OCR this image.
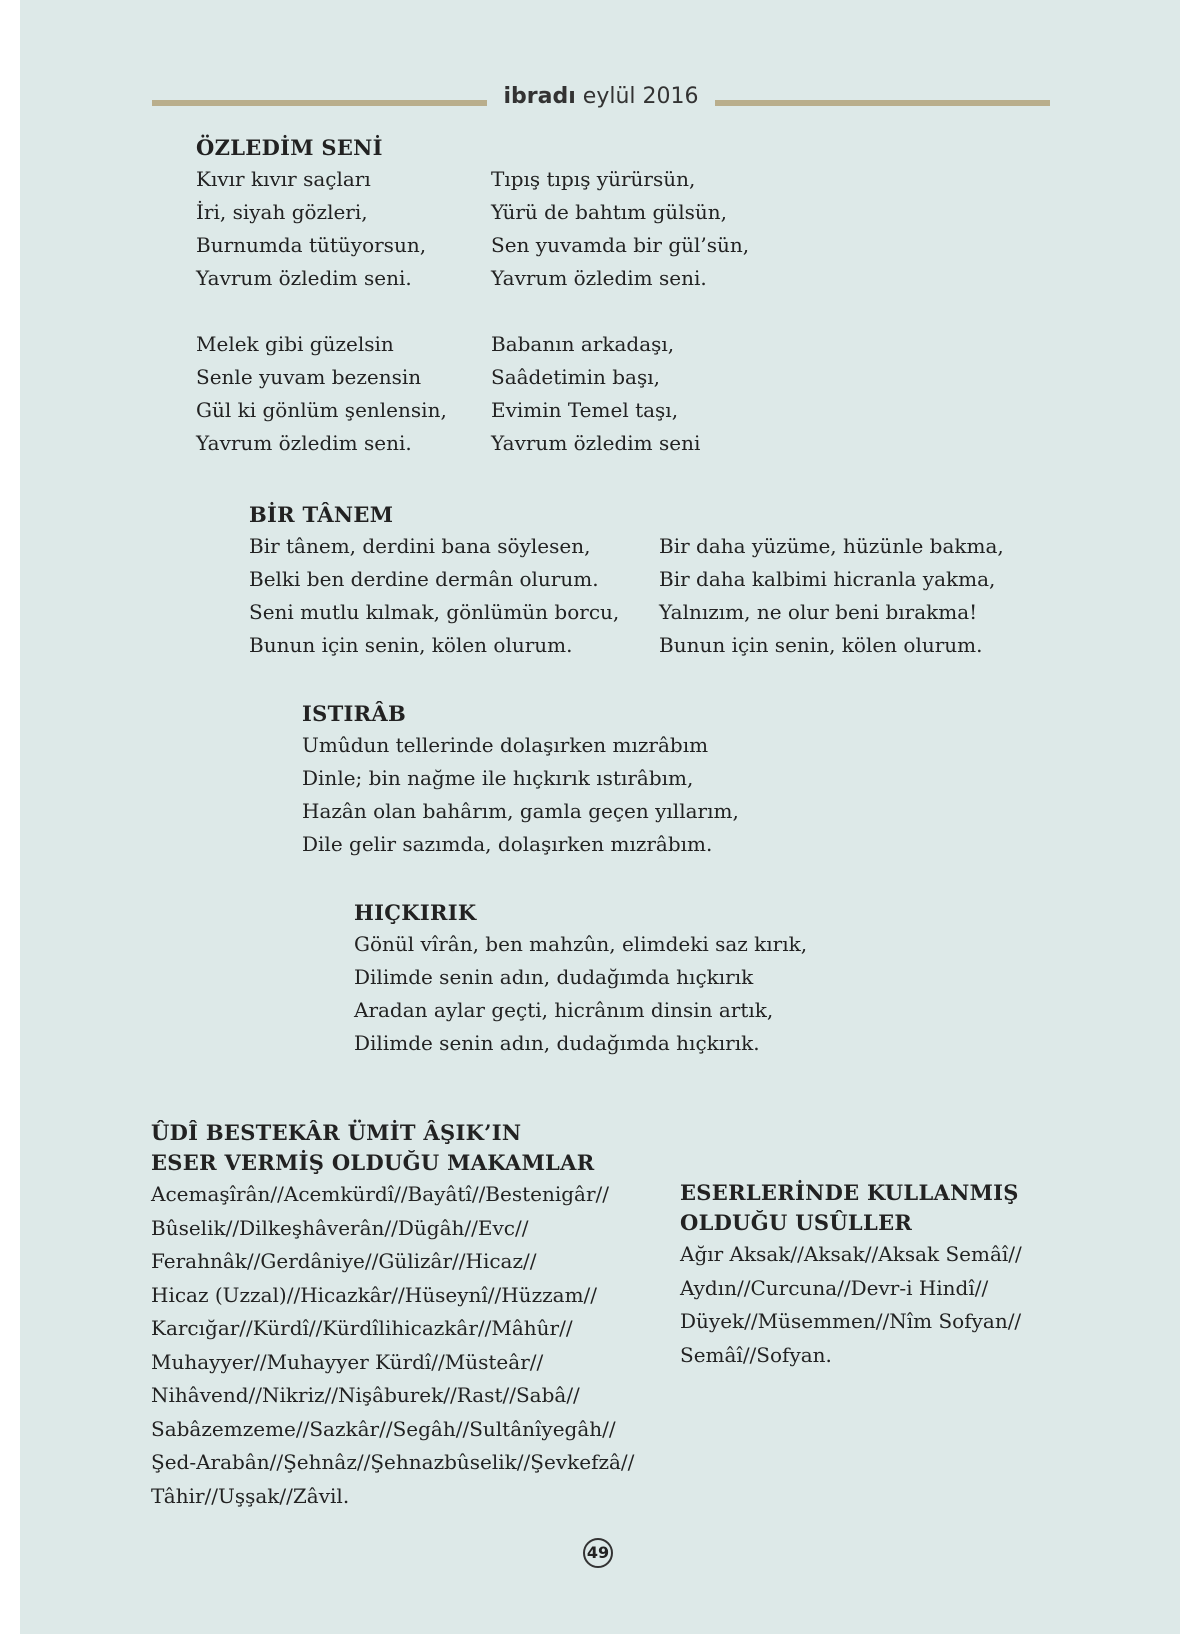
ibradı eylül 2016
ÖZLEDİM SENİ
Kıvır kıvır saçları
İri, siyah gözleri,
Burnumda tütüyorsun,
Yavrum özledim seni.
Melek gibi güzelsin
Senle yuvam bezensin
Gül ki gönlüm şenlensin,
Yavrum özledim seni.
Tıpış tıpış yürürsün,
Yürü de bahtım gülsün,
Sen yuvamda bir gül’sün,
Yavrum özledim seni.
Babanın arkadaşı,
Saâdetimin başı,
Evimin Temel taşı,
Yavrum özledim seni
BİR TÂNEM
Bir tânem, derdini bana söylesen,
Belki ben derdine dermân olurum.
Seni mutlu kılmak, gönlümün borcu,
Bunun için senin, kölen olurum.
Bir daha yüzüme, hüzünle bakma,
Bir daha kalbimi hicranla yakma,
Yalnızım, ne olur beni bırakma!
Bunun için senin, kölen olurum.
ISTIRÂB
Umûdun tellerinde dolaşırken mızrâbım
Dinle; bin nağme ile hıçkırık ıstırâbım,
Hazân olan bahârım, gamla geçen yıllarım,
Dile gelir sazımda, dolaşırken mızrâbım.
HIÇKIRIK
Gönül vîrân, ben mahzûn, elimdeki saz kırık,
Dilimde senin adın, dudağımda hıçkırık
Aradan aylar geçti, hicrânım dinsin artık,
Dilimde senin adın, dudağımda hıçkırık.
ÛDÎ BESTEKÂR ÜMİT ÂŞIK’IN
ESER VERMİŞ OLDUĞU MAKAMLAR
Acemaşîrân//Acemkürdî//Bayâtî//Bestenigâr//
Bûselik//Dilkeşhâverân//Dügâh//Evc//
Ferahnâk//Gerdâniye//Gülizâr//Hicaz//
Hicaz (Uzzal)//Hicazkâr//Hüseynî//Hüzzam//
Karcığar//Kürdî//Kürdîlihicazkâr//Mâhûr//
Muhayyer//Muhayyer Kürdî//Müsteâr//
Nihâvend//Nikriz//Nişâburek//Rast//Sabâ//
Sabâzemzeme//Sazkâr//Segâh//Sultânîyegâh//
Şed-Arabân//Şehnâz//Şehnazbûselik//Şevkefzâ//
Tâhir//Uşşak//Zâvil.
ESERLERİNDE KULLANMIŞ
OLDUĞU USÛLLER
Ağır Aksak//Aksak//Aksak Semâî//
Aydın//Curcuna//Devr-i Hindî//
Düyek//Müsemmen//Nîm Sofyan//
Semâî//Sofyan.
49
